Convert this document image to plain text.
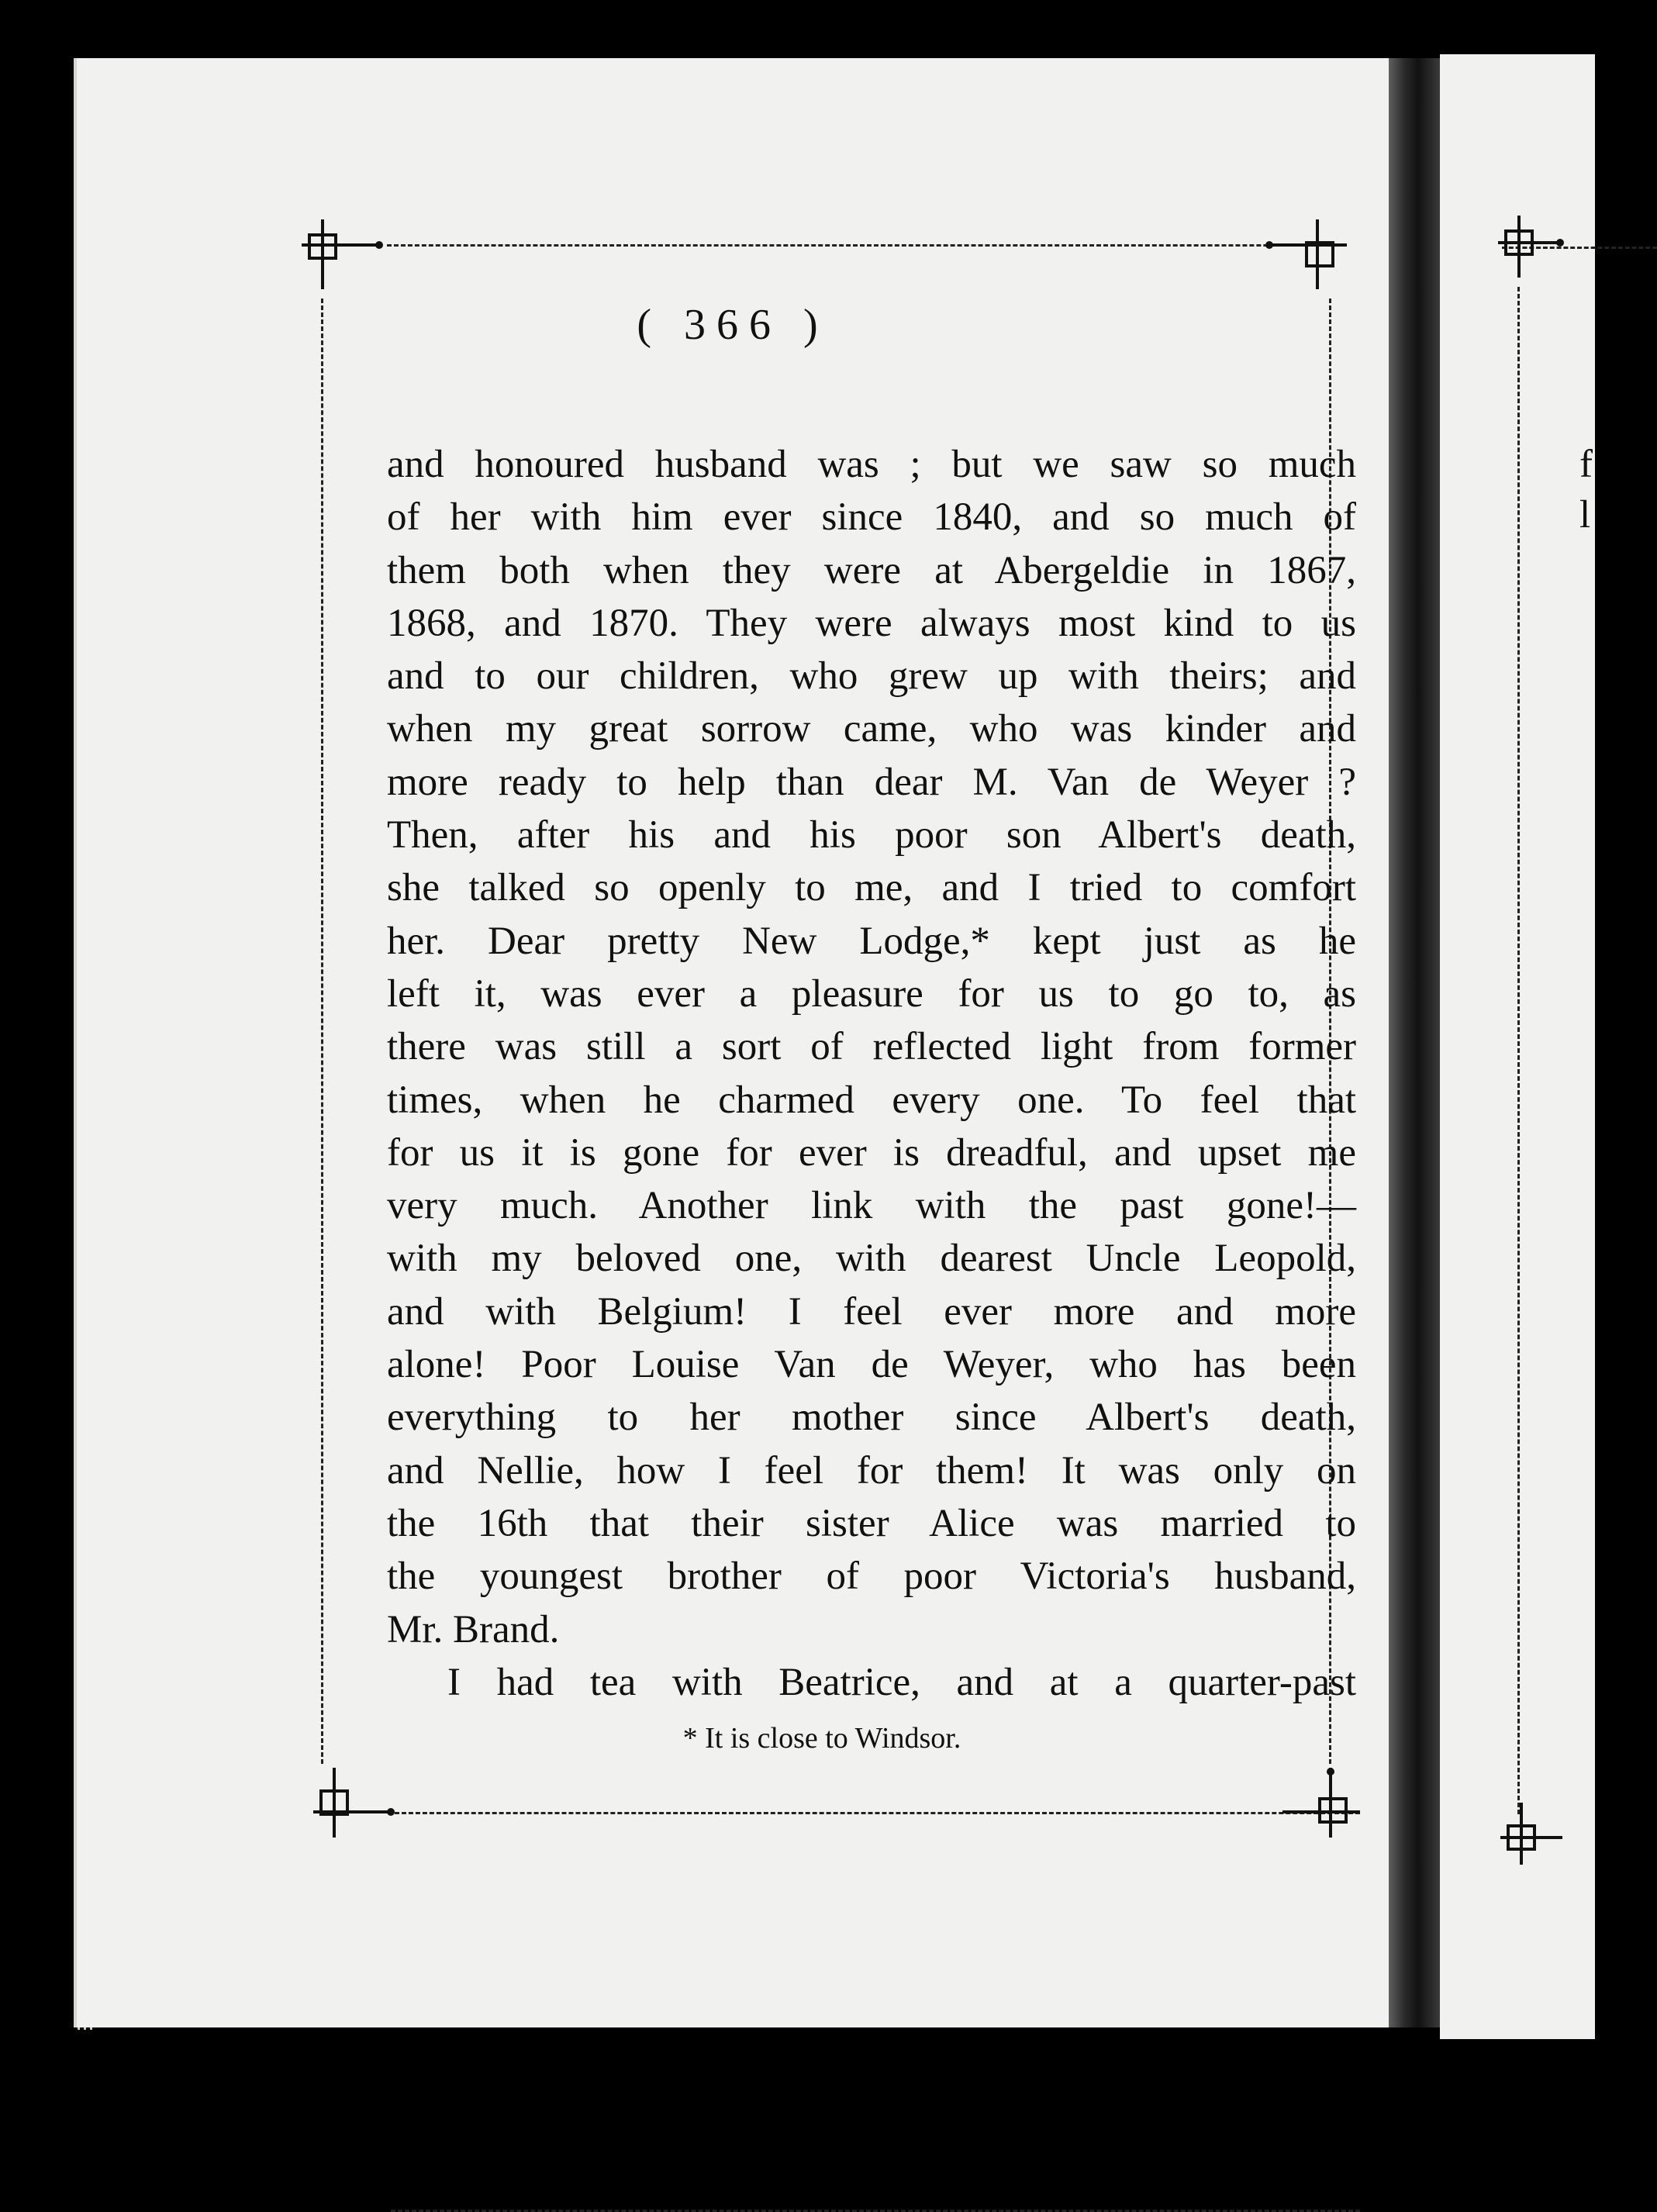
f
l
( 366 )
and honoured husband was ; but we saw so much
of her with him ever since 1840, and so much of
them both when they were at Abergeldie in 1867,
1868, and 1870. They were always most kind to us
and to our children, who grew up with theirs; and
when my great sorrow came, who was kinder and
more ready to help than dear M. Van de Weyer ?
Then, after his and his poor son Albert's death,
she talked so openly to me, and I tried to comfort
her. Dear pretty New Lodge,* kept just as he
left it, was ever a pleasure for us to go to, as
there was still a sort of reflected light from former
times, when he charmed every one. To feel that
for us it is gone for ever is dreadful, and upset me
very much. Another link with the past gone!—
with my beloved one, with dearest Uncle Leopold,
and with Belgium! I feel ever more and more
alone! Poor Louise Van de Weyer, who has been
everything to her mother since Albert's death,
and Nellie, how I feel for them! It was only on
the 16th that their sister Alice was married to
the youngest brother of poor Victoria's husband,
Mr. Brand.
I had tea with Beatrice, and at a quarter-past
* It is close to Windsor.
